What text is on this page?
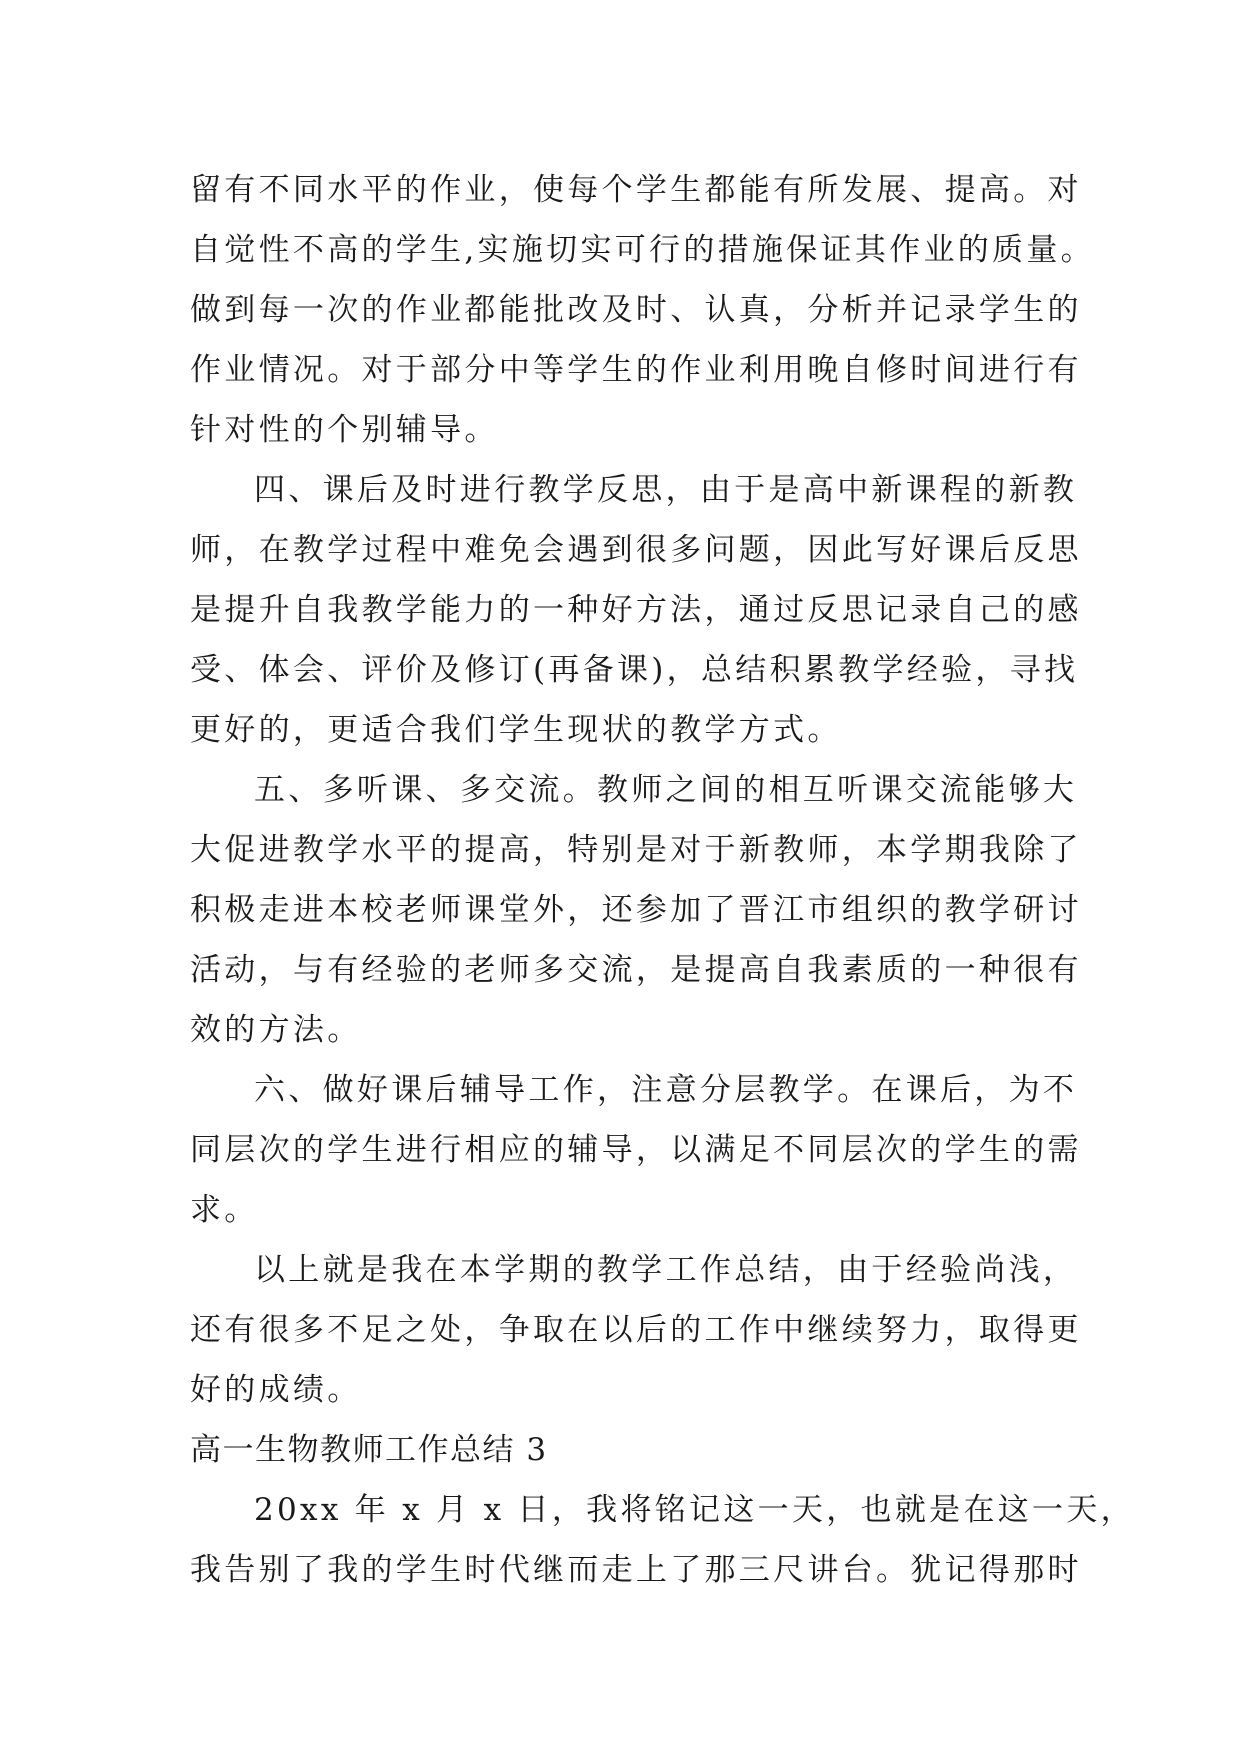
留有不同水平的作业，使每个学生都能有所发展、提高。对
自觉性不高的学生,实施切实可行的措施保证其作业的质量。
做到每一次的作业都能批改及时、认真，分析并记录学生的
作业情况。对于部分中等学生的作业利用晚自修时间进行有
针对性的个别辅导。
四、课后及时进行教学反思，由于是高中新课程的新教
师，在教学过程中难免会遇到很多问题，因此写好课后反思
是提升自我教学能力的一种好方法，通过反思记录自己的感
受、体会、评价及修订(再备课)，总结积累教学经验，寻找
更好的，更适合我们学生现状的教学方式。
五、多听课、多交流。教师之间的相互听课交流能够大
大促进教学水平的提高，特别是对于新教师，本学期我除了
积极走进本校老师课堂外，还参加了晋江市组织的教学研讨
活动，与有经验的老师多交流，是提高自我素质的一种很有
效的方法。
六、做好课后辅导工作，注意分层教学。在课后，为不
同层次的学生进行相应的辅导，以满足不同层次的学生的需
求。
以上就是我在本学期的教学工作总结，由于经验尚浅，
还有很多不足之处，争取在以后的工作中继续努力，取得更
好的成绩。
高一生物教师工作总结 3
20xx 年 x 月 x 日，我将铭记这一天，也就是在这一天，
我告别了我的学生时代继而走上了那三尺讲台。犹记得那时
